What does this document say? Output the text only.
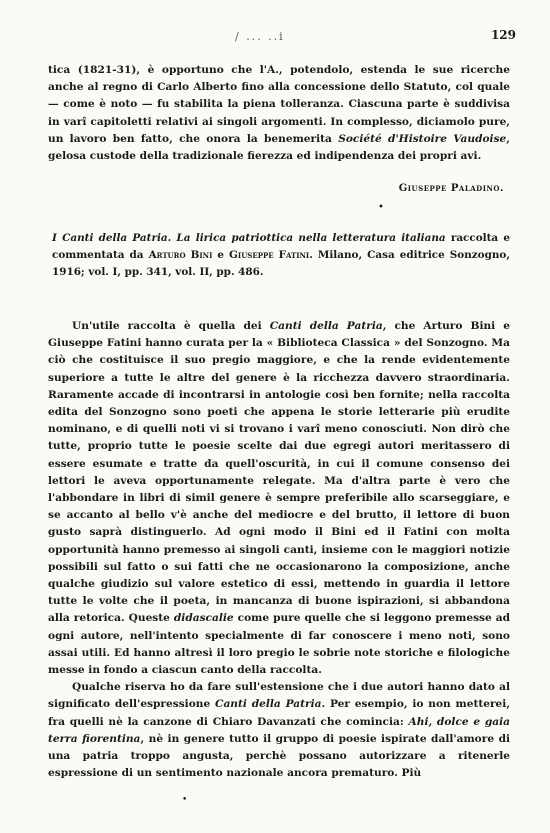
/ ... ..i	129

tica (1821-31), è opportuno che l'A., potendolo, estenda le sue ricerche anche al regno di Carlo Alberto fino alla concessione dello Statuto, col quale — come è noto — fu stabilita la piena tolleranza. Ciascuna parte è suddivisa in varî capitoletti relativi ai singoli argomenti. In complesso, diciamolo pure, un lavoro ben fatto, che onora la benemerita Société d'Histoire Vaudoise, gelosa custode della tradizionale fierezza ed indipendenza dei propri avi.

Giuseppe Paladino.
•
I Canti della Patria. La lirica patriottica nella letteratura italiana raccolta e commentata da Arturo Bini e Giuseppe Fatini. Milano, Casa editrice Sonzogno, 1916; vol. I, pp. 341, vol. II, pp. 486.

Un'utile raccolta è quella dei Canti della Patria, che Arturo Bini e Giuseppe Fatini hanno curata per la « Biblioteca Classica » del Sonzogno. Ma ciò che costituisce il suo pregio maggiore, e che la rende evidentemente superiore a tutte le altre del genere è la ricchezza davvero straordinaria. Raramente accade di incontrarsi in antologie così ben fornite; nella raccolta edita del Sonzogno sono poeti che appena le storie letterarie più erudite nominano, e di quelli noti vi si trovano i varî meno conosciuti. Non dirò che tutte, proprio tutte le poesie scelte dai due egregi autori meritassero di essere esumate e tratte da quell'oscurità, in cui il comune consenso dei lettori le aveva opportunamente relegate. Ma d'altra parte è vero che l'abbondare in libri di simil genere è sempre preferibile allo scarseggiare, e se accanto al bello v'è anche del mediocre e del brutto, il lettore di buon gusto saprà distinguerlo. Ad ogni modo il Bini ed il Fatini con molta opportunità hanno premesso ai singoli canti, insieme con le maggiori notizie possibili sul fatto o sui fatti che ne occasionarono la composizione, anche qualche giudizio sul valore estetico di essi, mettendo in guardia il lettore tutte le volte che il poeta, in mancanza di buone ispirazioni, si abbandona alla retorica. Queste didascalie come pure quelle che si leggono premesse ad ogni autore, nell'intento specialmente di far conoscere i meno noti, sono assai utili. Ed hanno altresì il loro pregio le sobrie note storiche e filologiche messe in fondo a ciascun canto della raccolta.

Qualche riserva ho da fare sull'estensione che i due autori hanno dato al significato dell'espressione Canti della Patria. Per esempio, io non metterei, fra quelli nè la canzone di Chiaro Davanzati che comincia: Ahi, dolce e gaia terra fiorentina, nè in genere tutto il gruppo di poesie ispirate dall'amore di una patria troppo angusta, perchè possano autorizzare a ritenerle espressione di un sentimento nazionale ancora prematuro. Più

•
